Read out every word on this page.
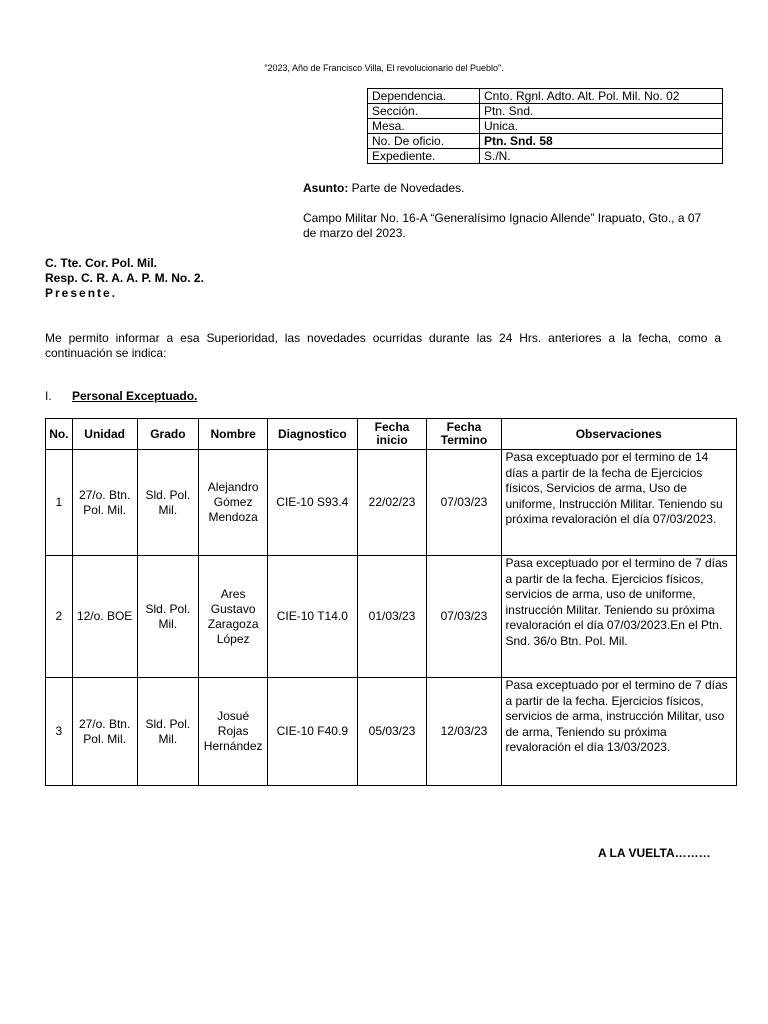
"2023, Año de Francisco Villa, El revolucionario del Pueblo".
Dependencia.	Cnto. Rgnl. Adto. Alt. Pol. Mil. No. 02
Sección.	Ptn. Snd.
Mesa.	Unica.
No. De oficio.	Ptn. Snd. 58
Expediente.	S./N.
Asunto: Parte de Novedades.
Campo Militar No. 16-A “Generalísimo Ignacio Allende” Irapuato, Gto., a 07 de marzo del 2023.
C. Tte. Cor. Pol. Mil.
Resp. C. R. A. A. P. M. No. 2.
Presente.
Me permito informar a esa Superioridad, las novedades ocurridas durante las 24 Hrs. anteriores a la fecha, como a continuación se indica:
I. Personal Exceptuado.
No.	Unidad	Grado	Nombre	Diagnostico	Fecha inicio	Fecha Termino	Observaciones
1	27/o. Btn. Pol. Mil.	Sld. Pol. Mil.	Alejandro Gómez Mendoza	CIE-10 S93.4	22/02/23	07/03/23	Pasa exceptuado por el termino de 14 días a partir de la fecha de Ejercicios físicos, Servicios de arma, Uso de uniforme, Instrucción Militar. Teniendo su próxima revaloración el día 07/03/2023.
2	12/o. BOE	Sld. Pol. Mil.	Ares Gustavo Zaragoza López	CIE-10 T14.0	01/03/23	07/03/23	Pasa exceptuado por el termino de 7 días a partir de la fecha. Ejercicios físicos, servicios de arma, uso de uniforme, instrucción Militar. Teniendo su próxima revaloración el día 07/03/2023.En el Ptn. Snd. 36/o Btn. Pol. Mil.
3	27/o. Btn. Pol. Mil.	Sld. Pol. Mil.	Josué Rojas Hernández	CIE-10 F40.9	05/03/23	12/03/23	Pasa exceptuado por el termino de 7 días a partir de la fecha. Ejercicios físicos, servicios de arma, instrucción Militar, uso de arma, Teniendo su próxima revaloración el día 13/03/2023.
A LA VUELTA………
